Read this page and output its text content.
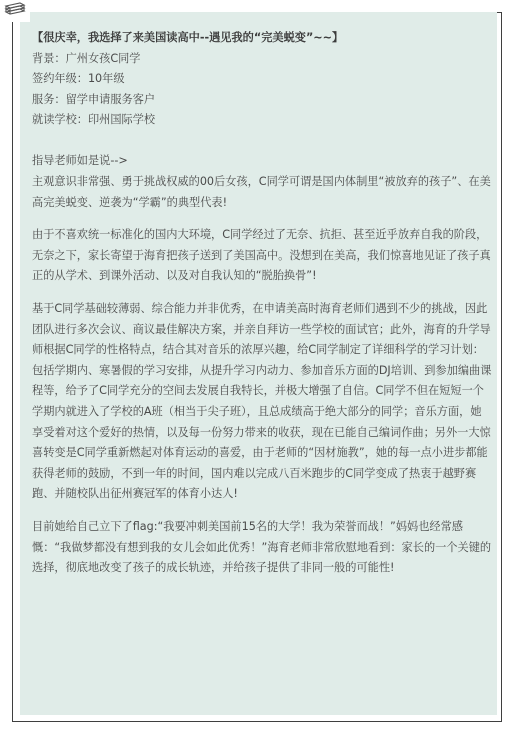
【很庆幸，我选择了来美国读高中--遇见我的“完美蜕变”~~】

背景：广州女孩C同学

签约年级：10年级

服务：留学申请服务客户

就读学校：印州国际学校

指导老师如是说-->

主观意识非常强、勇于挑战权威的00后女孩，C同学可谓是国内体制里“被放弃的孩子”、在美高完美蜕变、逆袭为“学霸”的典型代表!

由于不喜欢统一标准化的国内大环境，C同学经过了无奈、抗拒、甚至近乎放弃自我的阶段，无奈之下，家长寄望于海育把孩子送到了美国高中。没想到在美高，我们惊喜地见证了孩子真正的从学术、到课外活动、以及对自我认知的“脱胎换骨”!

基于C同学基础较薄弱、综合能力并非优秀，在申请美高时海育老师们遇到不少的挑战，因此团队进行多次会议、商议最佳解决方案，并亲自拜访一些学校的面试官；此外，海育的升学导师根据C同学的性格特点，结合其对音乐的浓厚兴趣，给C同学制定了详细科学的学习计划：包括学期内、寒暑假的学习安排，从提升学习内动力、参加音乐方面的DJ培训、到参加编曲课程等，给予了C同学充分的空间去发展自我特长，并极大增强了自信。C同学不但在短短一个学期内就进入了学校的A班（相当于尖子班），且总成绩高于绝大部分的同学；音乐方面，她享受着对这个爱好的热情，以及每一份努力带来的收获，现在已能自己编词作曲；另外一大惊喜转变是C同学重新燃起对体育运动的喜爱，由于老师的“因材施教”，她的每一点小进步都能获得老师的鼓励，不到一年的时间，国内难以完成八百米跑步的C同学变成了热衷于越野赛跑、并随校队出征州赛冠军的体育小达人!

目前她给自己立下了flag:“我要冲刺美国前15名的大学！我为荣誉而战！”妈妈也经常感慨：“我做梦都没有想到我的女儿会如此优秀！”海育老师非常欣慰地看到：家长的一个关键的选择，彻底地改变了孩子的成长轨迹，并给孩子提供了非同一般的可能性!
